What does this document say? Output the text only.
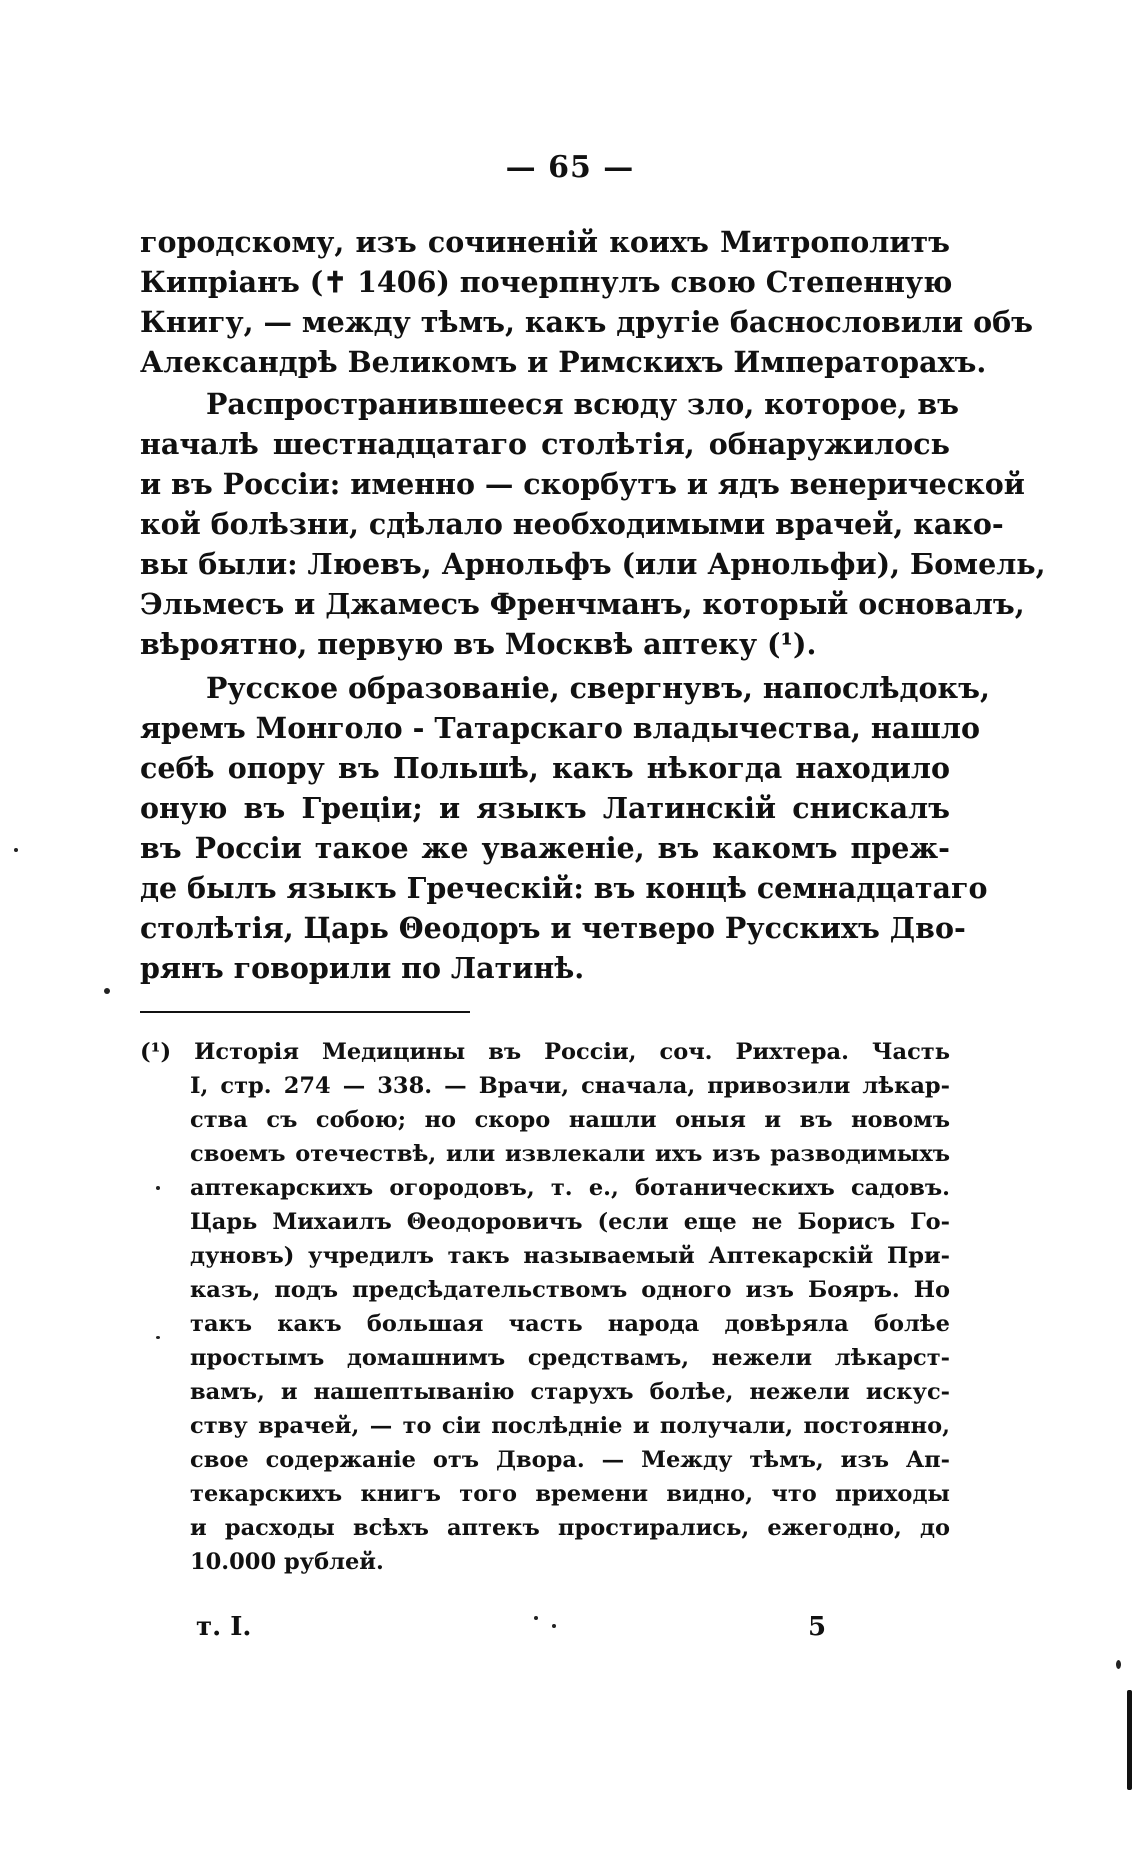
— 65 —
городскому, изъ сочиненій коихъ Митрополитъ
Кипріанъ (✝ 1406) почерпнулъ свою Степенную
Книгу, — между тѣмъ, какъ другіе баснословили объ
Александрѣ Великомъ и Римскихъ Императорахъ.
Распространившееся всюду зло, которое, въ
началѣ шестнадцатаго столѣтія, обнаружилось
и въ Россіи: именно — скорбутъ и ядъ венерической
кой болѣзни, сдѣлало необходимыми врачей, како-
вы были: Люевъ, Арнольфъ (или Арнольфи), Бомель,
Эльмесъ и Джамесъ Френчманъ, который основалъ,
вѣроятно, первую въ Москвѣ аптеку (¹).
Русское образованіе, свергнувъ, напослѣдокъ,
яремъ Монголо - Татарскаго владычества, нашло
себѣ опору въ Польшѣ, какъ нѣкогда находило
оную въ Греціи; и языкъ Латинскій снискалъ
въ Россіи такое же уваженіе, въ какомъ преж-
де былъ языкъ Греческій: въ концѣ семнадцатаго
столѣтія, Царь Θеодоръ и четверо Русскихъ Дво-
рянъ говорили по Латинѣ.
(¹) Исторія Медицины въ Россіи, соч. Рихтера. Часть
I, стр. 274 — 338. — Врачи, сначала, привозили лѣкар-
ства съ собою; но скоро нашли оныя и въ новомъ
своемъ отечествѣ, или извлекали ихъ изъ разводимыхъ
аптекарскихъ огородовъ, т. е., ботаническихъ садовъ.
Царь Михаилъ Θеодоровичъ (если еще не Борисъ Го-
дуновъ) учредилъ такъ называемый Аптекарскій При-
казъ, подъ предсѣдательствомъ одного изъ Бояръ. Но
такъ какъ большая часть народа довѣряла болѣе
простымъ домашнимъ средствамъ, нежели лѣкарст-
вамъ, и нашептыванію старухъ болѣе, нежели искус-
ству врачей, — то сіи послѣдніе и получали, постоянно,
свое содержаніе отъ Двора. — Между тѣмъ, изъ Ап-
текарскихъ книгъ того времени видно, что приходы
и расходы всѣхъ аптекъ простирались, ежегодно, до
10.000 рублей.
т. I.	5
